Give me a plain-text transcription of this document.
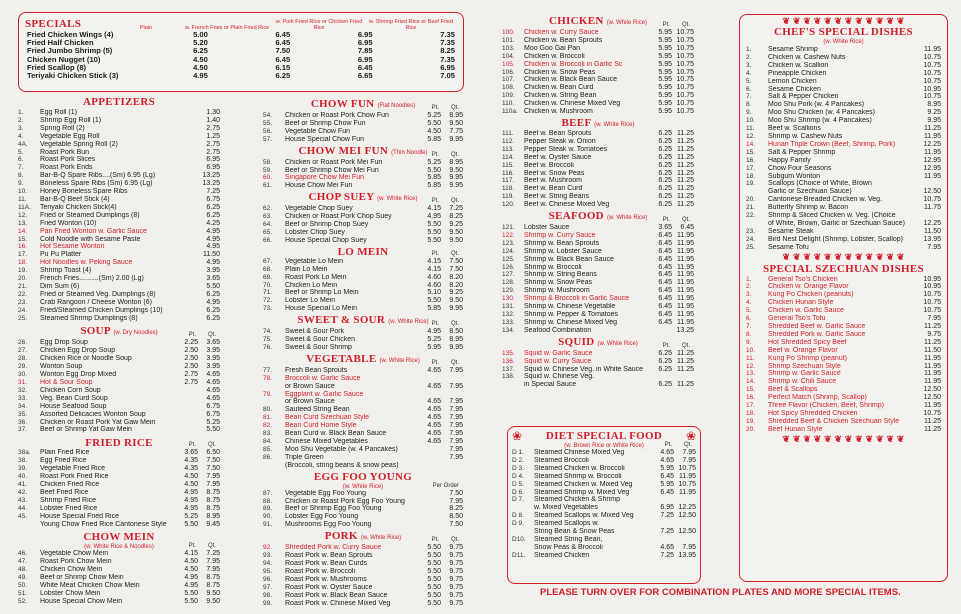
SPECIALS	Plain	w. French Fries or Plain Fried Rice
w. Pork Fried Rice or Chicken Fried Rice
w. Shrimp Fried Rice or Beef Fried Rice
Fried Chicken Wings (4)	5.00	6.45	6.95	7.35
Fried Half Chicken	5.20	6.45	6.95	7.35
Fried Jumbo Shrimp (5)	6.25	7.50	7.85	8.25
Chicken Nugget (10)	4.50	6.45	6.95	7.35
Fried Scallop (8)	4.50	6.15	6.45	6.95
Teriyaki Chicken Stick (3)	4.95	6.25	6.65	7.05
APPETIZERS
1.	Egg Roll (1)	1.30
2.	Shrimp Egg Roll (1)	1.40
3.	Spring Roll (2)	2.75
4.	Vegetable Egg Roll	1.25
4A.	Vegetable Spring Roll (2)	2.75
5.	Roast Pork Bun	2.75
6.	Roast Pork Slices	6.95
7.	Roast Pork Ends	6.95
8.	Bar-B-Q Spare Ribs....(Sm) 6.95 (Lg)	13.25
9.	Boneless Spare Ribs (Sm) 6.95 (Lg)	13.25
10.	Honey Boneless Spare Ribs	7.25
11.	Bar-B-Q Beef Stick (4)	6.75
11A.	Teriyaki Chicken Stick(4)	6.25
12.	Fried or Steamed Dumplings (8)	6.25
13.	Fried Wonton (10)	4.25
14.	Pan Fried Wonton w. Garlic Sauce	4.95
15.	Cold Noodle with Sesame Paste	4.95
16.	Hot Sesame Wonton	4.95
17.	Pu Pu Platter	11.50
18.	Hot Noodles w. Peking Sauce	4.95
19.	Shrimp Toast (4)	3.95
20.	French Fries..........(Sm) 2.00 (Lg)	3.65
21.	Dim Sum (6)	5.50
22.	Fried or Steamed Veg. Dumplings (8)	6.25
23.	Crab Rangoon / Cheese Wonton (6)	4.95
24.	Fried/Steamed Chicken Dumplings (10)	6.25
25.	Steamed Shrimp Dumplings (8)	6.25
SOUP (w. Dry Noodles)	Pt.	Qt.
26.	Egg Drop Soup	2.25	3.65
27.	Chicken Egg Drop Soup	2.50	3.95
28.	Chicken Rice or Noodle Soup	2.50	3.95
29.	Wonton Soup	2.50	3.95
30.	Wonton Egg Drop Mixed	2.75	4.65
31.	Hot & Sour Soup	2.75	4.65
32.	Chicken Corn Soup	4.65
33.	Veg. Bean Curd Soup	4.65
34.	House Seafood Soup	6.75
35.	Assorted Delicacies Wonton Soup	6.75
36.	Chicken or Roast Pork Yat Gaw Mein	5.25
37.	Beef or Shrimp Yat Gaw Mein	5.50
FRIED RICE	Pt.	Qt.
38a.	Plain Fried Rice	3.65	6.50
38.	Egg Fried Rice	4.35	7.50
39.	Vegetable Fried Rice	4.35	7.50
40.	Roast Pork Fried Rice	4.50	7.95
41.	Chicken Fried Rice	4.50	7.95
42.	Beef Fried Rice	4.95	8.75
43.	Shrimp Fried Rice	4.95	8.75
44.	Lobster Fried Rice	4.95	8.75
45.	House Special Fried Rice	5.25	8.95
Young Chow Fried Rice Cantonese Style	5.50	9.45
CHOW MEIN
(w. White Rice & Noodles)	Pt.	Qt.
46.	Vegetable Chow Mein	4.15	7.25
47.	Roast Pork Chow Mein	4.50	7.95
48.	Chicken Chow Mein	4.50	7.95
49.	Beef or Shrimp Chow Mein	4.95	8.75
50.	White Meat Chicken Chow Mein	4.95	8.75
51.	Lobster Chow Mein	5.50	9.50
52.	House Special Chow Mein	5.50	9.50
CHOW FUN (Flat Noodles)	Pt.	Qt.
54.	Chicken or Roast Pork Chow Fun	5.25	8.95
55.	Beef or Shrimp Chow Fun	5.50	9.50
56.	Vegetable Chow Fun	4.50	7.75
57.	House Special Chow Fun	5.85	9.95
CHOW MEI FUN (Thin Noodle) Pt.	Qt.
58.	Chicken or Roast Pork Mei Fun	5.25	8.95
59.	Beef or Shrimp Chow Mei Fun	5.50	9.50
60.	Singapore Chow Mei Fun	5.85	9.95
61.	House Chow Mei Fun	5.85	9.95
CHOP SUEY (w. White Rice)	Pt.	Qt.
62.	Vegetable Chop Suey	4.15	7.25
63.	Chicken or Roast Pork Chop Suey	4.95	8.25
64.	Beef or Shrimp Chop Suey	5.50	9.25
65.	Lobster Chop Suey	5.50	9.50
66.	House Special Chop Suey	5.50	9.50
LO MEIN	Pt.	Qt.
67.	Vegetable Lo Mein	4.15	7.50
68.	Plain Lo Mein	4.15	7.50
69.	Roast Pork Lo Mein	4.60	8.20
70.	Chicken Lo Mein	4.60	8.20
71.	Beef or Shrimp Lo Mein	5.10	9.25
72.	Lobster Lo Mein	5.50	9.50
73.	House Special Lo Mein	5.85	9.95
SWEET & SOUR (w. White Rice) Pt.	Qt.
74.	Sweet & Sour Pork	4.95	8.50
75.	Sweet & Sour Chicken	5.25	8.95
76.	Sweet & Sour Shrimp	5.95	9.95
VEGETABLE (w. White Rice)	Pt.	Qt.
77.	Fresh Bean Sprouts	4.65	7.95
78.	Broccoli w. Garlic Sauce
or Brown Sauce	4.65	7.95
79.	Eggplant w. Garlic Sauce
or Brown Sauce	4.65	7.95
80.	Sauteed String Bean	4.65	7.95
81.	Bean Curd Szechuan Style	4.65	7.95
82.	Bean Curd Home Style	4.65	7.95
83.	Bean Curd w. Black Bean Sauce	4.65	7.95
84.	Chinese Mixed Vegetables	4.65	7.95
85.	Moo Shu Vegetable (w. 4 Pancakes)	7.95
86.	Triple Green	7.95
(Broccoli, string beans & snow peas)
EGG FOO YOUNG
(w. White Rice)	Per Order
87.	Vegetable Egg Foo Young	7.50
88.	Chicken or Roast Pork Egg Foo Young	7.95
89.	Beef or Shrimp Egg Foo Young	8.25
90.	Lobster Egg Foo Young	8.50
91.	Mushrooms Egg Foo Young	7.50
PORK (w. White Rice)	Pt.	Qt.
92.	Shredded Pork w. Curry Sauce	5.50	9.75
93.	Roast Pork w. Bean Sprouts	5.50	9.75
94.	Roast Pork w. Bean Curds	5.50	9.75
95.	Roast Pork w. Broccoli	5.50	9.75
96.	Roast Pork w. Mushrooms	5.50	9.75
97.	Roast Pork w. Oyster Sauce	5.50	9.75
98.	Roast Pork w. Black Bean Sauce	5.50	9.75
99.	Roast Pork w. Chinese Mixed Veg	5.50	9.75
CHICKEN (w. White Rice)	Pt.	Qt.
100.	Chicken w. Curry Sauce	5.95 10.75
101.	Chicken w. Bean Sprouts	5.95 10.75
103.	Moo Goo Gai Pan	5.95 10.75
104.	Chicken w. Broccoli	5.95 10.75
105.	Chicken w. Broccoli in Garlic Sc	5.95 10.75
106.	Chicken w. Snow Peas	5.95 10.75
107.	Chicken w. Black Bean Sauce	5.95 10.75
108.	Chicken w. Bean Curd	5.95 10.75
109.	Chicken w. String Bean	5.95 10.75
110.	Chicken w. Chinese Mixed Veg	5.95 10.75
110a. Chicken w. Mushroom	5.95 10.75
BEEF (w. White Rice)
111.	Beef w. Bean Sprouts	6.25 11.25
112.	Pepper Steak w. Onion	6.25 11.25
113.	Pepper Steak w. Tomatoes	6.25 11.25
114.	Beef w. Oyster Sauce	6.25 11.25
115.	Beef w. Broccoli	6.25 11.25
116.	Beef w. Snow Peas	6.25 11.25
117.	Beef w. Mushroom	6.25 11.25
118.	Beef w. Bean Curd	6.25 11.25
119.	Beef w. String Beans	6.25 11.25
120.	Beef w. Chinese Mixed Veg	6.25 11.25
SEAFOOD (w. White Rice)	Pt.	Qt.
121.	Lobster Sauce	3.65	6.45
122.	Shrimp w. Curry Sauce	6.45 11.95
123.	Shrimp w. Bean Sprouts	6.45 11.95
124.	Shrimp w. Lobster Sauce	6.45 11.95
125.	Shrimp w. Black Bean Sauce	6.45 11.95
126.	Shrimp w. Broccoli	6.45 11.95
127.	Shrimp w. String Beans	6.45 11.95
128.	Shrimp w. Snow Peas	6.45 11.95
129.	Shrimp w. Mushroom	6.45 11.95
130.	Shrimp & Broccoli in Garlic Sauce	6.45 11.95
131.	Shrimp w. Chinese Vegetable	6.45 11.95
132.	Shrimp w. Pepper & Tomatoes	6.45 11.95
133.	Shrimp w. Chinese Mixed Veg	6.45 11.95
134.	Seafood Combination	13.25
SQUID (w. White Rice)	Pt.	Qt.
135.	Squid w. Garlic Sauce	6.25 11.25
136.	Squid w. Curry Sauce	6.25 11.25
137.	Squid w. Chinese Veg. in White Sauce	6.25 11.25
138.	Squid w. Chinese Veg.
in Special Sauce	6.25 11.25
❀ DIET SPECIAL FOOD ❀
(w. Brown Rice or White Rice)	Pt.	Qt.
D 1.	Steamed Chinese Mixed Veg	4.65	7.95
D 2.	Steamed Broccoli	4.65	7.95
D 3.	Steamed Chicken w. Broccoli	5.95 10.75
D 4.	Steamed Shrimp w. Broccoli	6.45 11.95
D 5.	Steamed Chicken w. Mixed Veg	5.95 10.75
D 6.	Steamed Shrimp w. Mixed Veg	6.45 11.95
D 7.	Steamed Chicken & Shrimp
w. Mixed Vegetables	6.95 12.25
D 8.	Steamed Scallops w. Mixed Veg	7.25 12.50
D 9.	Steamed Scallops w.
String Bean & Snow Peas	7.25 12.50
D10.	Steamed String Bean,
Snow Peas & Broccoli	4.65	7.95
D11.	Steamed Chicken	7.25 13.95
❦ ❦ ❦ ❦ ❦ ❦ ❦ ❦ ❦ ❦ ❦ ❦
CHEF'S SPECIAL DISHES
(w. White Rice)
1.	Sesame Shrimp	11.95
2.	Chicken w. Cashew Nuts	10.75
3.	Chicken w. Scallion	10.75
4.	Pineapple Chicken	10.75
5.	Lemon Chicken	10.75
6.	Sesame Chicken	10.95
7.	Salt & Pepper Chicken	10.75
8.	Moo Shu Pork (w. 4 Pancakes)	8.95
9.	Moo Shu Chicken (w. 4 Pancakes)	9.25
10.	Moo Shu Shrimp (w. 4 Pancakes)	9.95
11.	Beef w. Scallions	11.25
12.	Shrimp w. Cashew Nuts	11.95
14.	Hunan Triple Crown (Beef, Shrimp, Pork)	12.25
15.	Salt & Pepper Shrimp	11.95
16.	Happy Family	12.95
17.	Chow Four Seasons	12.95
18.	Subgum Wonton	11.95
19.	Scallops (Choice of White, Brown
Garlic or Szechuan Sauce)	12.50
20.	Cantonese Breaded Chicken w. Veg.	10.75
21.	Butterfly Shrimp w. Bacon	11.75
22.	Shrimp & Sliced Chicken w. Veg. (Choice
of White, Brown, Garlic or Szechuan Sauce)	12.25
23.	Sesame Steak	11.50
24.	Bird Nest Delight (Shrimp, Lobster, Scallop)	13.95
25.	Sesame Tofu	7.95
❦ ❦ ❦ ❦ ❦ ❦ ❦ ❦ ❦ ❦ ❦ ❦
SPECIAL SZECHUAN DISHES
1.	General Tso's Chicken	10.95
2.	Chicken w. Orange Flavor	10.95
3.	Kung Po Chicken (peanuts)	10.75
4.	Chicken Hunan Style	10.75
5.	Chicken w. Garlic Sauce	10.75
6.	General Tso's Tofu	7.95
7.	Shredded Beef w. Garlic Sauce	11.25
8.	Shredded Pork w. Garlic Sauce	9.75
9.	Hot Shredded Spicy Beef	11.25
10.	Beef w. Orange Flavor	11.50
11.	Kung Po Shrimp (peanut)	11.95
12.	Shrimp Szechuan Style	11.95
13.	Shrimp w. Garlic Sauce	11.95
14.	Shrimp w. Chili Sauce	11.95
15.	Beef & Scallops	12.50
16.	Perfect Match (Shrimp, Scallop)	12.50
17.	Three Flavor (Chicken, Beef, Shrimp)	11.95
18.	Hot Spicy Shredded Chicken	10.75
19.	Shredded Beef & Chicken Szechuan Style	11.25
20.	Beef Hunan Style	11.25
❦ ❦ ❦ ❦ ❦ ❦ ❦ ❦ ❦ ❦ ❦ ❦
PLEASE TURN OVER FOR COMBINATION PLATES AND MORE SPECIAL ITEMS.
